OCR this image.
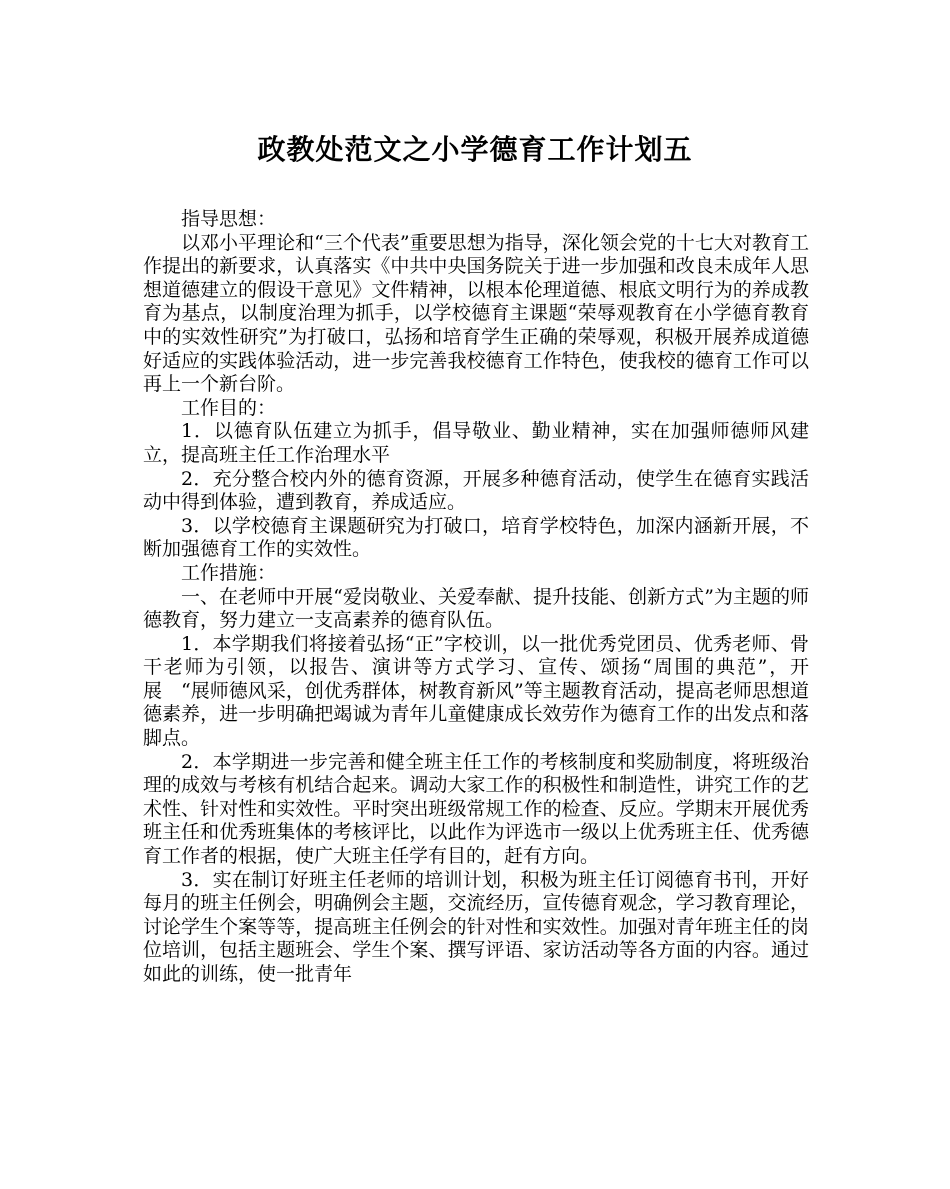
政教处范文之小学德育工作计划五

指导思想：

以邓小平理论和“三个代表”重要思想为指导，深化领会党的十七大对教育工作提出的新要求，认真落实《中共中央国务院关于进一步加强和改良未成年人思想道德建立的假设干意见》文件精神，以根本伦理道德、根底文明行为的养成教育为基点，以制度治理为抓手，以学校德育主课题“荣辱观教育在小学德育教育中的实效性研究”为打破口，弘扬和培育学生正确的荣辱观，积极开展养成道德好适应的实践体验活动，进一步完善我校德育工作特色，使我校的德育工作可以再上一个新台阶。

工作目的：

1．以德育队伍建立为抓手，倡导敬业、勤业精神，实在加强师德师风建立，提高班主任工作治理水平

2．充分整合校内外的德育资源，开展多种德育活动，使学生在德育实践活动中得到体验，遭到教育，养成适应。

3．以学校德育主课题研究为打破口，培育学校特色，加深内涵新开展，不断加强德育工作的实效性。

工作措施：

一、在老师中开展“爱岗敬业、关爱奉献、提升技能、创新方式”为主题的师德教育，努力建立一支高素养的德育队伍。

1．本学期我们将接着弘扬“正”字校训，以一批优秀党团员、优秀老师、骨干老师为引领，以报告、演讲等方式学习、宣传、颂扬“周围的典范”，开展　“展师德风采，创优秀群体，树教育新风”等主题教育活动，提高老师思想道德素养，进一步明确把竭诚为青年儿童健康成长效劳作为德育工作的出发点和落脚点。

2．本学期进一步完善和健全班主任工作的考核制度和奖励制度，将班级治理的成效与考核有机结合起来。调动大家工作的积极性和制造性，讲究工作的艺术性、针对性和实效性。平时突出班级常规工作的检查、反应。学期末开展优秀班主任和优秀班集体的考核评比，以此作为评选市一级以上优秀班主任、优秀德育工作者的根据，使广大班主任学有目的，赶有方向。

3．实在制订好班主任老师的培训计划，积极为班主任订阅德育书刊，开好每月的班主任例会，明确例会主题，交流经历，宣传德育观念，学习教育理论，讨论学生个案等等，提高班主任例会的针对性和实效性。加强对青年班主任的岗位培训，包括主题班会、学生个案、撰写评语、家访活动等各方面的内容。通过如此的训练，使一批青年
